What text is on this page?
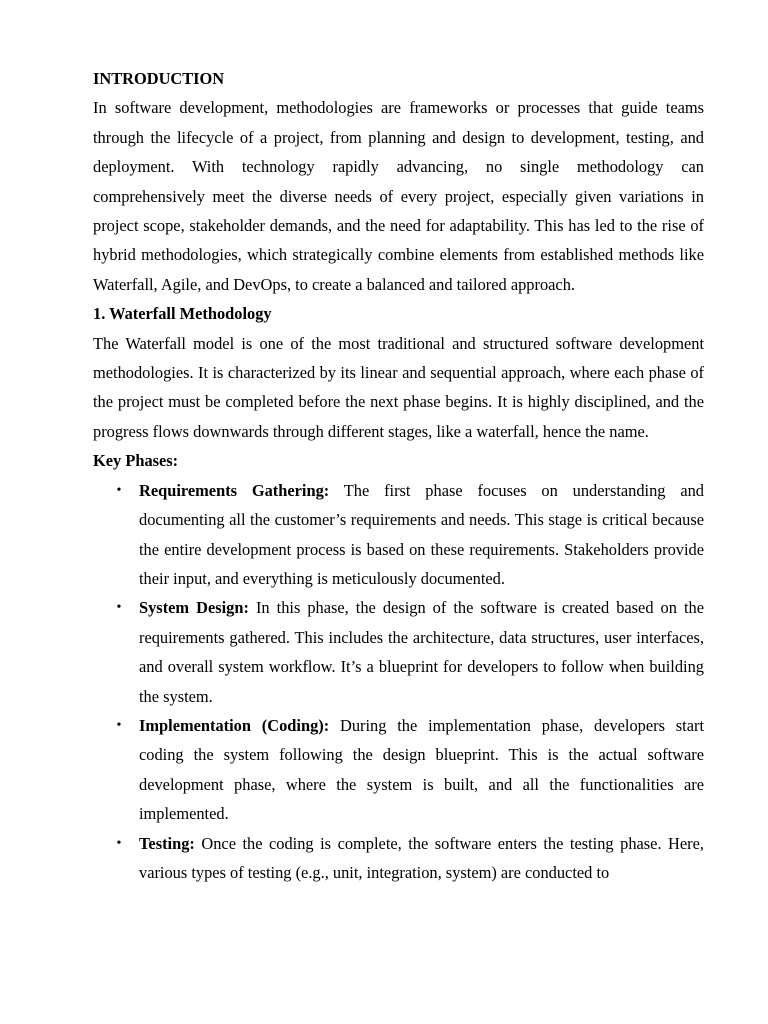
INTRODUCTION

In software development, methodologies are frameworks or processes that guide teams through the lifecycle of a project, from planning and design to development, testing, and deployment. With technology rapidly advancing, no single methodology can comprehensively meet the diverse needs of every project, especially given variations in project scope, stakeholder demands, and the need for adaptability. This has led to the rise of hybrid methodologies, which strategically combine elements from established methods like Waterfall, Agile, and DevOps, to create a balanced and tailored approach.

1. Waterfall Methodology

The Waterfall model is one of the most traditional and structured software development methodologies. It is characterized by its linear and sequential approach, where each phase of the project must be completed before the next phase begins. It is highly disciplined, and the progress flows downwards through different stages, like a waterfall, hence the name.

Key Phases:
• Requirements Gathering: The first phase focuses on understanding and documenting all the customer’s requirements and needs. This stage is critical because the entire development process is based on these requirements. Stakeholders provide their input, and everything is meticulously documented.
• System Design: In this phase, the design of the software is created based on the requirements gathered. This includes the architecture, data structures, user interfaces, and overall system workflow. It’s a blueprint for developers to follow when building the system.
• Implementation (Coding): During the implementation phase, developers start coding the system following the design blueprint. This is the actual software development phase, where the system is built, and all the functionalities are implemented.
• Testing: Once the coding is complete, the software enters the testing phase. Here, various types of testing (e.g., unit, integration, system) are conducted to
